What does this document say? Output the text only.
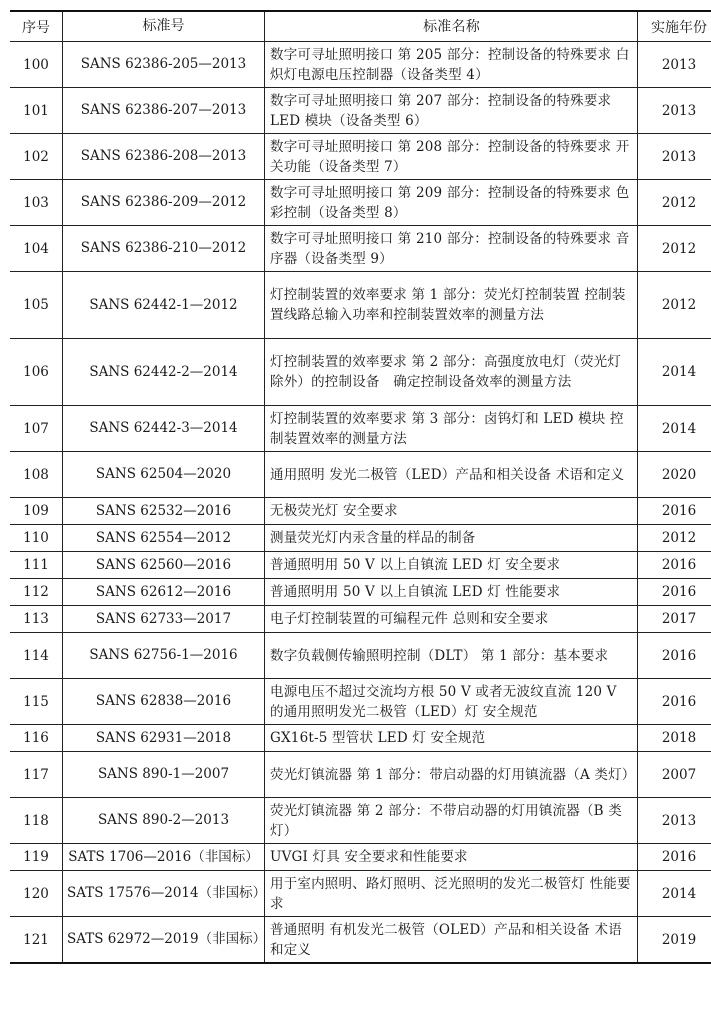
序号	标准号	标准名称	实施年份
100	SANS 62386-205—2013	数字可寻址照明接口 第 205 部分：控制设备的特殊要求 白炽灯电源电压控制器（设备类型 4）	2013
101	SANS 62386-207—2013	数字可寻址照明接口 第 207 部分：控制设备的特殊要求 LED 模块（设备类型 6）	2013
102	SANS 62386-208—2013	数字可寻址照明接口 第 208 部分：控制设备的特殊要求 开关功能（设备类型 7）	2013
103	SANS 62386-209—2012	数字可寻址照明接口 第 209 部分：控制设备的特殊要求 色彩控制（设备类型 8）	2012
104	SANS 62386-210—2012	数字可寻址照明接口 第 210 部分：控制设备的特殊要求 音序器（设备类型 9）	2012
105	SANS 62442-1—2012	灯控制装置的效率要求 第 1 部分：荧光灯控制装置 控制装置线路总输入功率和控制装置效率的测量方法	2012
106	SANS 62442-2—2014	灯控制装置的效率要求 第 2 部分：高强度放电灯（荧光灯除外）的控制设备　确定控制设备效率的测量方法	2014
107	SANS 62442-3—2014	灯控制装置的效率要求 第 3 部分：卤钨灯和 LED 模块 控制装置效率的测量方法	2014
108	SANS 62504—2020	通用照明 发光二极管（LED）产品和相关设备 术语和定义	2020
109	SANS 62532—2016	无极荧光灯 安全要求	2016
110	SANS 62554—2012	测量荧光灯内汞含量的样品的制备	2012
111	SANS 62560—2016	普通照明用 50 V 以上自镇流 LED 灯 安全要求	2016
112	SANS 62612—2016	普通照明用 50 V 以上自镇流 LED 灯 性能要求	2016
113	SANS 62733—2017	电子灯控制装置的可编程元件 总则和安全要求	2017
114	SANS 62756-1—2016	数字负载侧传输照明控制（DLT） 第 1 部分：基本要求	2016
115	SANS 62838—2016	电源电压不超过交流均方根 50 V 或者无波纹直流 120 V 的通用照明发光二极管（LED）灯 安全规范	2016
116	SANS 62931—2018	GX16t-5 型管状 LED 灯 安全规范	2018
117	SANS 890-1—2007	荧光灯镇流器 第 1 部分：带启动器的灯用镇流器（A 类灯）	2007
118	SANS 890-2—2013	荧光灯镇流器 第 2 部分：不带启动器的灯用镇流器（B 类灯）	2013
119	SATS 1706—2016（非国标）	UVGI 灯具 安全要求和性能要求	2016
120	SATS 17576—2014（非国标）	用于室内照明、路灯照明、泛光照明的发光二极管灯 性能要求	2014
121	SATS 62972—2019（非国标）	普通照明 有机发光二极管（OLED）产品和相关设备 术语和定义	2019
